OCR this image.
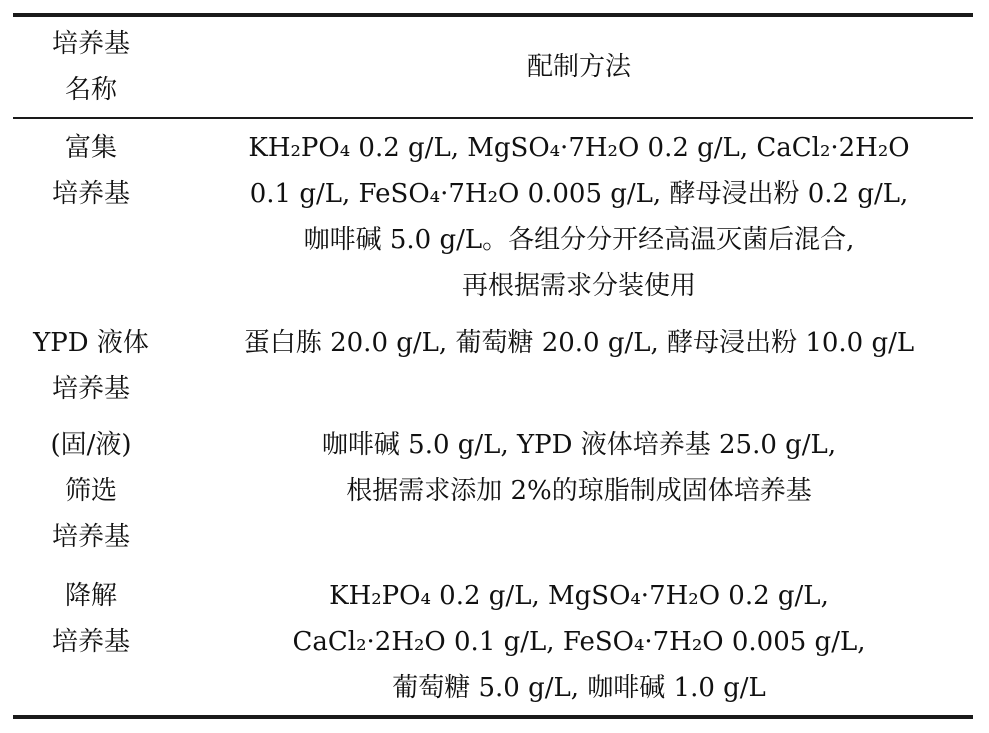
培养基
名称
配制方法
富集
培养基
KH₂PO₄ 0.2 g/L, MgSO₄·7H₂O 0.2 g/L, CaCl₂·2H₂O
0.1 g/L, FeSO₄·7H₂O 0.005 g/L, 酵母浸出粉 0.2 g/L,
咖啡碱 5.0 g/L。各组分分开经高温灭菌后混合,
再根据需求分装使用
YPD 液体
培养基
蛋白胨 20.0 g/L, 葡萄糖 20.0 g/L, 酵母浸出粉 10.0 g/L
(固/液)
筛选
培养基
咖啡碱 5.0 g/L, YPD 液体培养基 25.0 g/L,
根据需求添加 2%的琼脂制成固体培养基
降解
培养基
KH₂PO₄ 0.2 g/L, MgSO₄·7H₂O 0.2 g/L,
CaCl₂·2H₂O 0.1 g/L, FeSO₄·7H₂O 0.005 g/L,
葡萄糖 5.0 g/L, 咖啡碱 1.0 g/L
